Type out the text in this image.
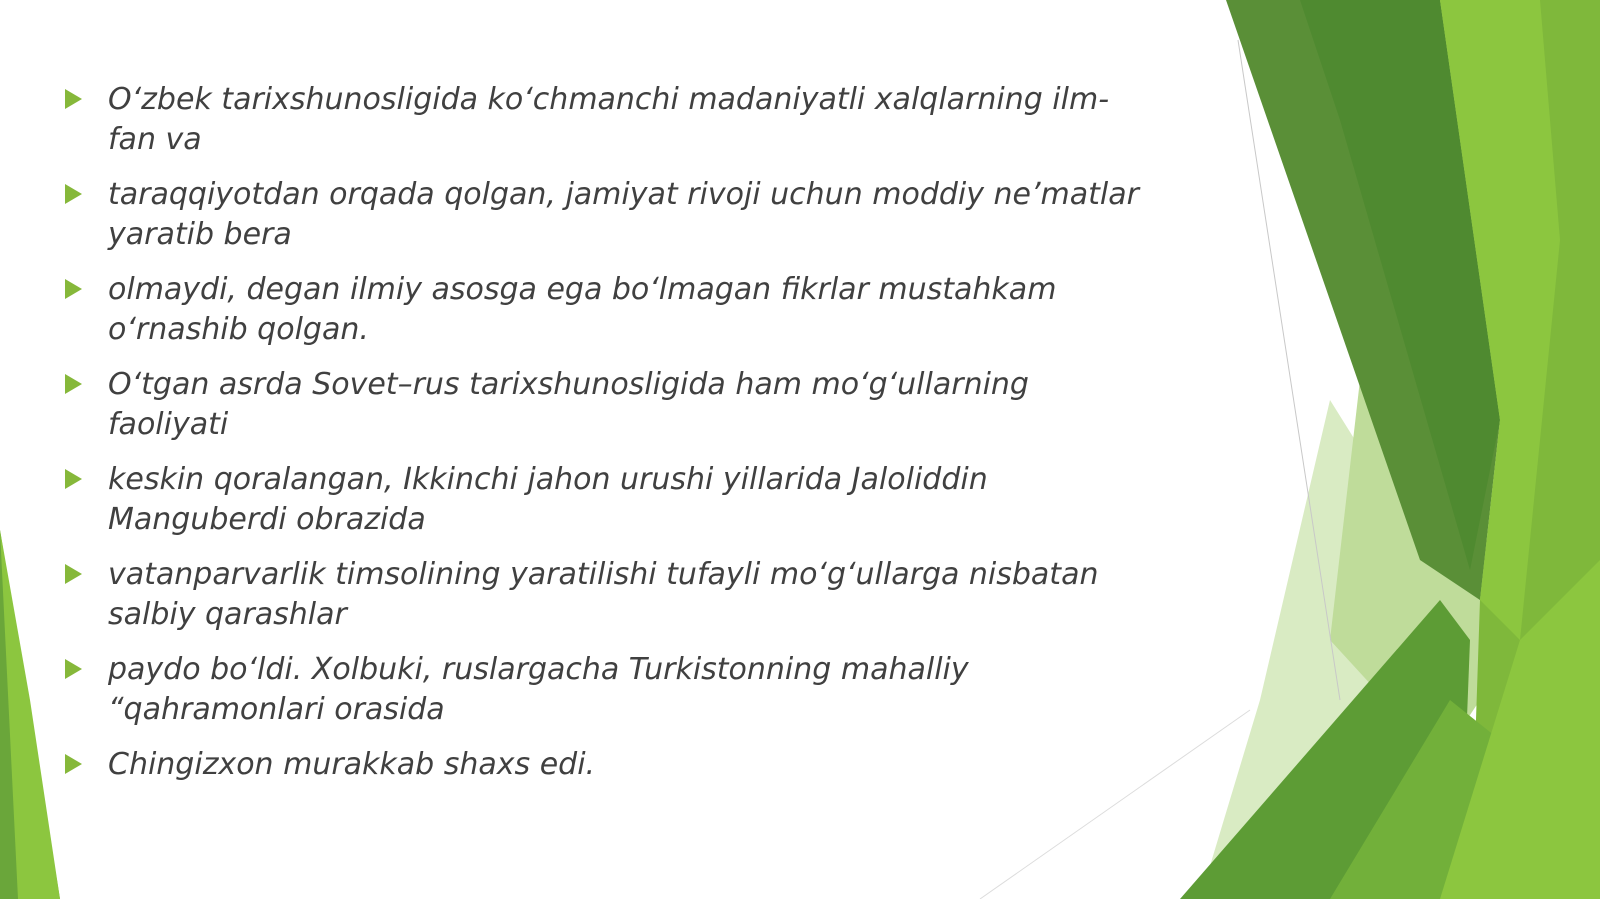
O‘zbek tarixshunosligida ko‘chmanchi madaniyatli xalqlarning ilm-fan va
taraqqiyotdan orqada qolgan, jamiyat rivoji uchun moddiy ne’matlar yaratib bera
olmaydi, degan ilmiy asosga ega bo‘lmagan fikrlar mustahkam o‘rnashib qolgan.
O‘tgan asrda Sovet–rus tarixshunosligida ham mo‘g‘ullarning faoliyati
keskin qoralangan, Ikkinchi jahon urushi yillarida Jaloliddin Manguberdi obrazida
vatanparvarlik timsolining yaratilishi tufayli mo‘g‘ullarga nisbatan salbiy qarashlar
paydo bo‘ldi. Xolbuki, ruslargacha Turkistonning mahalliy “qahramonlari orasida
Chingizxon murakkab shaxs edi.
